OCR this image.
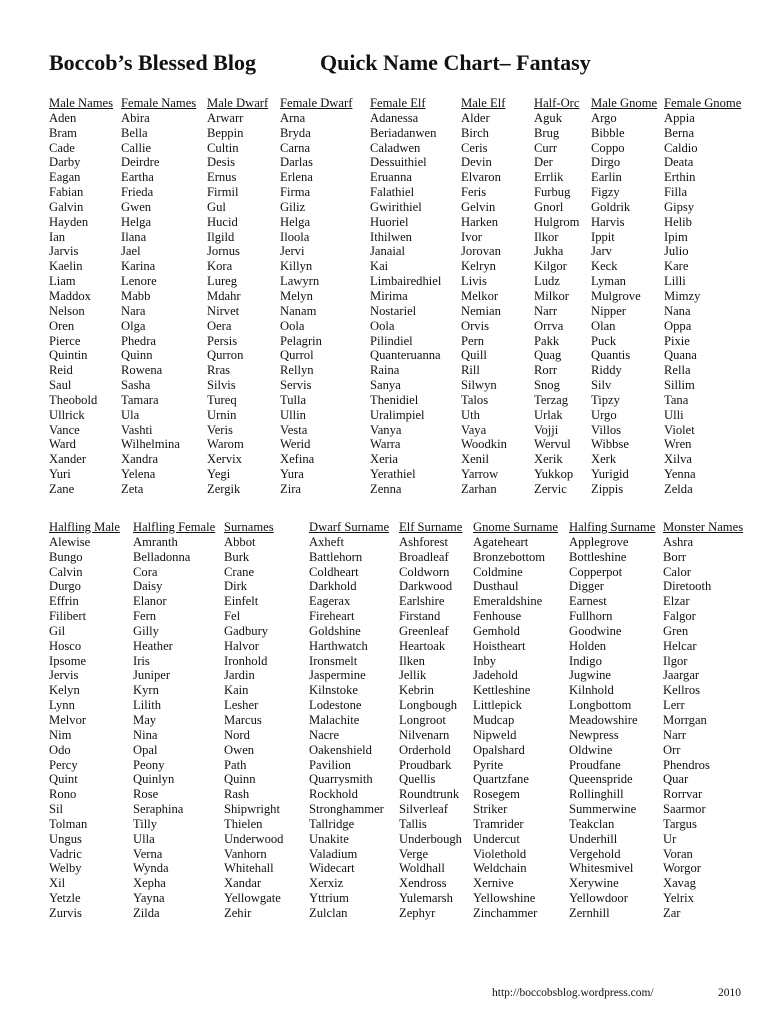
Boccob’s Blessed Blog	Quick Name Chart– Fantasy
Male Names
Aden
Bram
Cade
Darby
Eagan
Fabian
Galvin
Hayden
Ian
Jarvis
Kaelin
Liam
Maddox
Nelson
Oren
Pierce
Quintin
Reid
Saul
Theobold
Ullrick
Vance
Ward
Xander
Yuri
Zane
Female Names
Abira
Bella
Callie
Deirdre
Eartha
Frieda
Gwen
Helga
Ilana
Jael
Karina
Lenore
Mabb
Nara
Olga
Phedra
Quinn
Rowena
Sasha
Tamara
Ula
Vashti
Wilhelmina
Xandra
Yelena
Zeta
Male Dwarf
Arwarr
Beppin
Cultin
Desis
Ernus
Firmil
Gul
Hucid
Ilgild
Jornus
Kora
Lureg
Mdahr
Nirvet
Oera
Persis
Qurron
Rras
Silvis
Tureq
Urnin
Veris
Warom
Xervix
Yegi
Zergik
Female Dwarf
Arna
Bryda
Carna
Darlas
Erlena
Firma
Giliz
Helga
Iloola
Jervi
Killyn
Lawyrn
Melyn
Nanam
Oola
Pelagrin
Qurrol
Rellyn
Servis
Tulla
Ullin
Vesta
Werid
Xefina
Yura
Zira
Female Elf
Adanessa
Beriadanwen
Caladwen
Dessuithiel
Eruanna
Falathiel
Gwirithiel
Huoriel
Ithilwen
Janaial
Kai
Limbairedhiel
Mirima
Nostariel
Oola
Pilindiel
Quanteruanna
Raina
Sanya
Thenidiel
Uralimpiel
Vanya
Warra
Xeria
Yerathiel
Zenna
Male Elf
Alder
Birch
Ceris
Devin
Elvaron
Feris
Gelvin
Harken
Ivor
Jorovan
Kelryn
Livis
Melkor
Nemian
Orvis
Pern
Quill
Rill
Silwyn
Talos
Uth
Vaya
Woodkin
Xenil
Yarrow
Zarhan
Half-Orc
Aguk
Brug
Curr
Der
Errlik
Furbug
Gnorl
Hulgrom
Ilkor
Jukha
Kilgor
Ludz
Milkor
Narr
Orrva
Pakk
Quag
Rorr
Snog
Terzag
Urlak
Vojji
Wervul
Xerik
Yukkop
Zervic
Male Gnome
Argo
Bibble
Coppo
Dirgo
Earlin
Figzy
Goldrik
Harvis
Ippit
Jarv
Keck
Lyman
Mulgrove
Nipper
Olan
Puck
Quantis
Riddy
Silv
Tipzy
Urgo
Villos
Wibbse
Xerk
Yurigid
Zippis
Female Gnome
Appia
Berna
Caldio
Deata
Erthin
Filla
Gipsy
Helib
Ipim
Julio
Kare
Lilli
Mimzy
Nana
Oppa
Pixie
Quana
Rella
Sillim
Tana
Ulli
Violet
Wren
Xilva
Yenna
Zelda
Halfling Male
Alewise
Bungo
Calvin
Durgo
Effrin
Filibert
Gil
Hosco
Ipsome
Jervis
Kelyn
Lynn
Melvor
Nim
Odo
Percy
Quint
Rono
Sil
Tolman
Ungus
Vadric
Welby
Xil
Yetzle
Zurvis
Halfling Female
Amranth
Belladonna
Cora
Daisy
Elanor
Fern
Gilly
Heather
Iris
Juniper
Kyrn
Lilith
May
Nina
Opal
Peony
Quinlyn
Rose
Seraphina
Tilly
Ulla
Verna
Wynda
Xepha
Yayna
Zilda
Surnames
Abbot
Burk
Crane
Dirk
Einfelt
Fel
Gadbury
Halvor
Ironhold
Jardin
Kain
Lesher
Marcus
Nord
Owen
Path
Quinn
Rash
Shipwright
Thielen
Underwood
Vanhorn
Whitehall
Xandar
Yellowgate
Zehir
Dwarf Surname
Axheft
Battlehorn
Coldheart
Darkhold
Eagerax
Fireheart
Goldshine
Harthwatch
Ironsmelt
Jaspermine
Kilnstoke
Lodestone
Malachite
Nacre
Oakenshield
Pavilion
Quarrysmith
Rockhold
Stronghammer
Tallridge
Unakite
Valadium
Widecart
Xerxiz
Yttrium
Zulclan
Elf Surname
Ashforest
Broadleaf
Coldworn
Darkwood
Earlshire
Firstand
Greenleaf
Heartoak
Ilken
Jellik
Kebrin
Longbough
Longroot
Nilvenarn
Orderhold
Proudbark
Quellis
Roundtrunk
Silverleaf
Tallis
Underbough
Verge
Woldhall
Xendross
Yulemarsh
Zephyr
Gnome Surname
Agateheart
Bronzebottom
Coldmine
Dusthaul
Emeraldshine
Fenhouse
Gemhold
Hoistheart
Inby
Jadehold
Kettleshine
Littlepick
Mudcap
Nipweld
Opalshard
Pyrite
Quartzfane
Rosegem
Striker
Tramrider
Undercut
Violethold
Weldchain
Xernive
Yellowshine
Zinchammer
Halfing Surname
Applegrove
Bottleshine
Copperpot
Digger
Earnest
Fullhorn
Goodwine
Holden
Indigo
Jugwine
Kilnhold
Longbottom
Meadowshire
Newpress
Oldwine
Proudfane
Queenspride
Rollinghill
Summerwine
Teakclan
Underhill
Vergehold
Whitesmivel
Xerywine
Yellowdoor
Zernhill
Monster Names
Ashra
Borr
Calor
Diretooth
Elzar
Falgor
Gren
Helcar
Ilgor
Jaargar
Kellros
Lerr
Morrgan
Narr
Orr
Phendros
Quar
Rorrvar
Saarmor
Targus
Ur
Voran
Worgor
Xavag
Yelrix
Zar
http://boccobsblog.wordpress.com/	2010
